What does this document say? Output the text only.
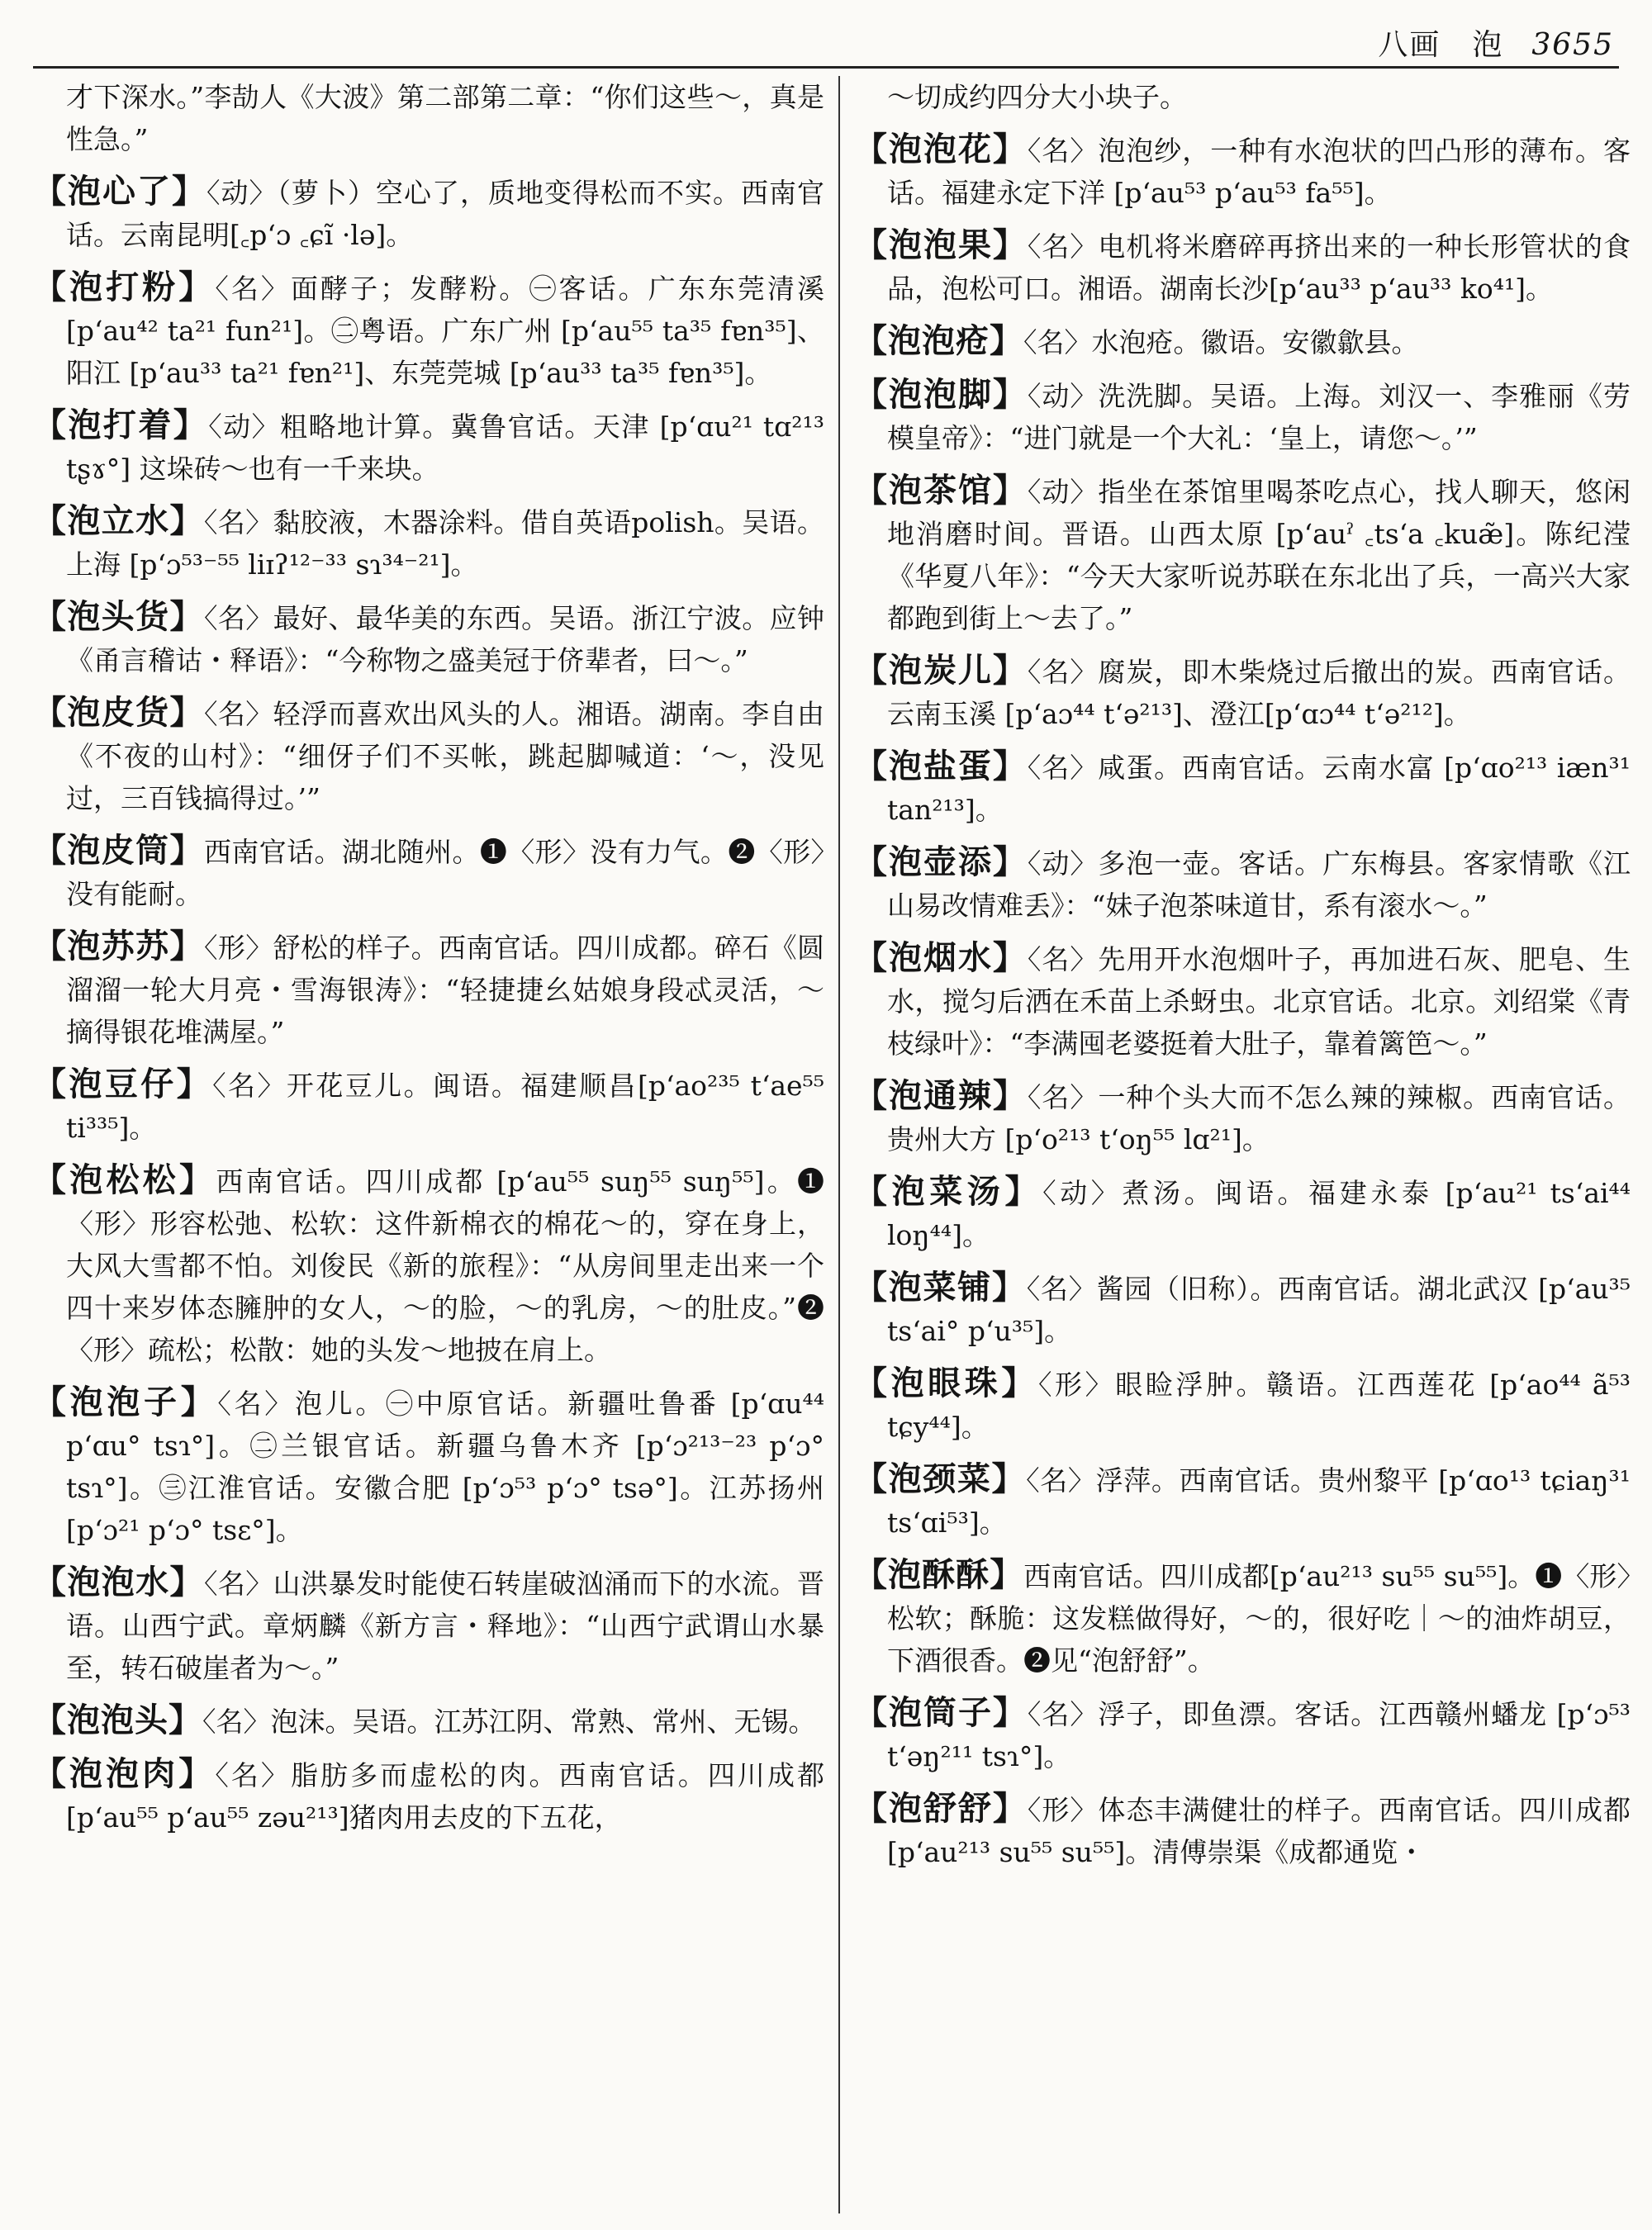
八画　泡 3655

才下深水。”李劼人《大波》第二部第二章：“你们这些～，真是性急。”

【泡心了】〈动〉（萝卜）空心了，质地变得松而不实。西南官话。云南昆明[꜀pʻɔ ꜀ɕĩ ·lə]。

【泡打粉】〈名〉面酵子；发酵粉。㊀客话。广东东莞清溪[pʻau⁴² ta²¹ fun²¹]。㊁粤语。广东广州 [pʻau⁵⁵ ta³⁵ fɐn³⁵]、阳江 [pʻau³³ ta²¹ fɐn²¹]、东莞莞城 [pʻau³³ ta³⁵ fɐn³⁵]。

【泡打着】〈动〉粗略地计算。冀鲁官话。天津 [pʻɑu²¹ tɑ²¹³ tʂɤ°] 这垛砖～也有一千来块。

【泡立水】〈名〉黏胶液，木器涂料。借自英语polish。吴语。上海 [pʻɔ⁵³⁻⁵⁵ liɪʔ¹²⁻³³ sɿ³⁴⁻²¹]。

【泡头货】〈名〉最好、最华美的东西。吴语。浙江宁波。应钟《甬言稽诂・释语》：“今称物之盛美冠于侪辈者，曰～。”

【泡皮货】〈名〉轻浮而喜欢出风头的人。湘语。湖南。李自由《不夜的山村》：“细伢子们不买帐，跳起脚喊道：‘～，没见过，三百钱搞得过。’”

【泡皮筒】西南官话。湖北随州。❶〈形〉没有力气。❷〈形〉没有能耐。

【泡苏苏】〈形〉舒松的样子。西南官话。四川成都。碎石《圆溜溜一轮大月亮・雪海银涛》：“轻捷捷幺姑娘身段忒灵活，～摘得银花堆满屋。”

【泡豆仔】〈名〉开花豆儿。闽语。福建顺昌[pʻao²³⁵ tʻae⁵⁵ ti³³⁵]。

【泡松松】西南官话。四川成都 [pʻau⁵⁵ suŋ⁵⁵ suŋ⁵⁵]。❶〈形〉形容松弛、松软：这件新棉衣的棉花～的，穿在身上，大风大雪都不怕。刘俊民《新的旅程》：“从房间里走出来一个四十来岁体态臃肿的女人，～的脸，～的乳房，～的肚皮。”❷〈形〉疏松；松散：她的头发～地披在肩上。

【泡泡子】〈名〉泡儿。㊀中原官话。新疆吐鲁番 [pʻɑu⁴⁴ pʻɑu° tsɿ°]。㊁兰银官话。新疆乌鲁木齐 [pʻɔ²¹³⁻²³ pʻɔ° tsɿ°]。㊂江淮官话。安徽合肥 [pʻɔ⁵³ pʻɔ° tsə°]。江苏扬州 [pʻɔ²¹ pʻɔ° tsɛ°]。

【泡泡水】〈名〉山洪暴发时能使石转崖破汹涌而下的水流。晋语。山西宁武。章炳麟《新方言・释地》：“山西宁武谓山水暴至，转石破崖者为～。”

【泡泡头】〈名〉泡沫。吴语。江苏江阴、常熟、常州、无锡。

【泡泡肉】〈名〉脂肪多而虚松的肉。西南官话。四川成都 [pʻau⁵⁵ pʻau⁵⁵ zəu²¹³]猪肉用去皮的下五花，

～切成约四分大小块子。

【泡泡花】〈名〉泡泡纱，一种有水泡状的凹凸形的薄布。客话。福建永定下洋 [pʻau⁵³ pʻau⁵³ fa⁵⁵]。

【泡泡果】〈名〉电机将米磨碎再挤出来的一种长形管状的食品，泡松可口。湘语。湖南长沙[pʻau³³ pʻau³³ ko⁴¹]。

【泡泡疮】〈名〉水泡疮。徽语。安徽歙县。

【泡泡脚】〈动〉洗洗脚。吴语。上海。刘汉一、李雅丽《劳模皇帝》：“进门就是一个大礼：‘皇上，请您～。’”

【泡茶馆】〈动〉指坐在茶馆里喝茶吃点心，找人聊天，悠闲地消磨时间。晋语。山西太原 [pʻauˀ ꜀tsʻa ꜀kuæ̃]。陈纪滢《华夏八年》：“今天大家听说苏联在东北出了兵，一高兴大家都跑到街上～去了。”

【泡炭儿】〈名〉腐炭，即木柴烧过后撤出的炭。西南官话。云南玉溪 [pʻaɔ⁴⁴ tʻə²¹³]、澄江[pʻɑɔ⁴⁴ tʻə²¹²]。

【泡盐蛋】〈名〉咸蛋。西南官话。云南水富 [pʻɑo²¹³ iæn³¹ tan²¹³]。

【泡壶添】〈动〉多泡一壶。客话。广东梅县。客家情歌《江山易改情难丢》：“妹子泡茶味道甘，系有滚水～。”

【泡烟水】〈名〉先用开水泡烟叶子，再加进石灰、肥皂、生水，搅匀后洒在禾苗上杀蚜虫。北京官话。北京。刘绍棠《青枝绿叶》：“李满囤老婆挺着大肚子，靠着篱笆～。”

【泡通辣】〈名〉一种个头大而不怎么辣的辣椒。西南官话。贵州大方 [pʻo²¹³ tʻoŋ⁵⁵ lɑ²¹]。

【泡菜汤】〈动〉煮汤。闽语。福建永泰 [pʻau²¹ tsʻai⁴⁴ loŋ⁴⁴]。

【泡菜铺】〈名〉酱园（旧称）。西南官话。湖北武汉 [pʻau³⁵ tsʻai° pʻu³⁵]。

【泡眼珠】〈形〉眼睑浮肿。赣语。江西莲花 [pʻao⁴⁴ ã⁵³ tɕy⁴⁴]。

【泡颈菜】〈名〉浮萍。西南官话。贵州黎平 [pʻɑo¹³ tɕiaŋ³¹ tsʻɑi⁵³]。

【泡酥酥】西南官话。四川成都[pʻau²¹³ su⁵⁵ su⁵⁵]。❶〈形〉松软；酥脆：这发糕做得好，～的，很好吃｜～的油炸胡豆，下酒很香。❷见“泡舒舒”。

【泡筒子】〈名〉浮子，即鱼漂。客话。江西赣州蟠龙 [pʻɔ⁵³ tʻəŋ²¹¹ tsɿ°]。

【泡舒舒】〈形〉体态丰满健壮的样子。西南官话。四川成都 [pʻau²¹³ su⁵⁵ su⁵⁵]。清傅崇渠《成都通览・
